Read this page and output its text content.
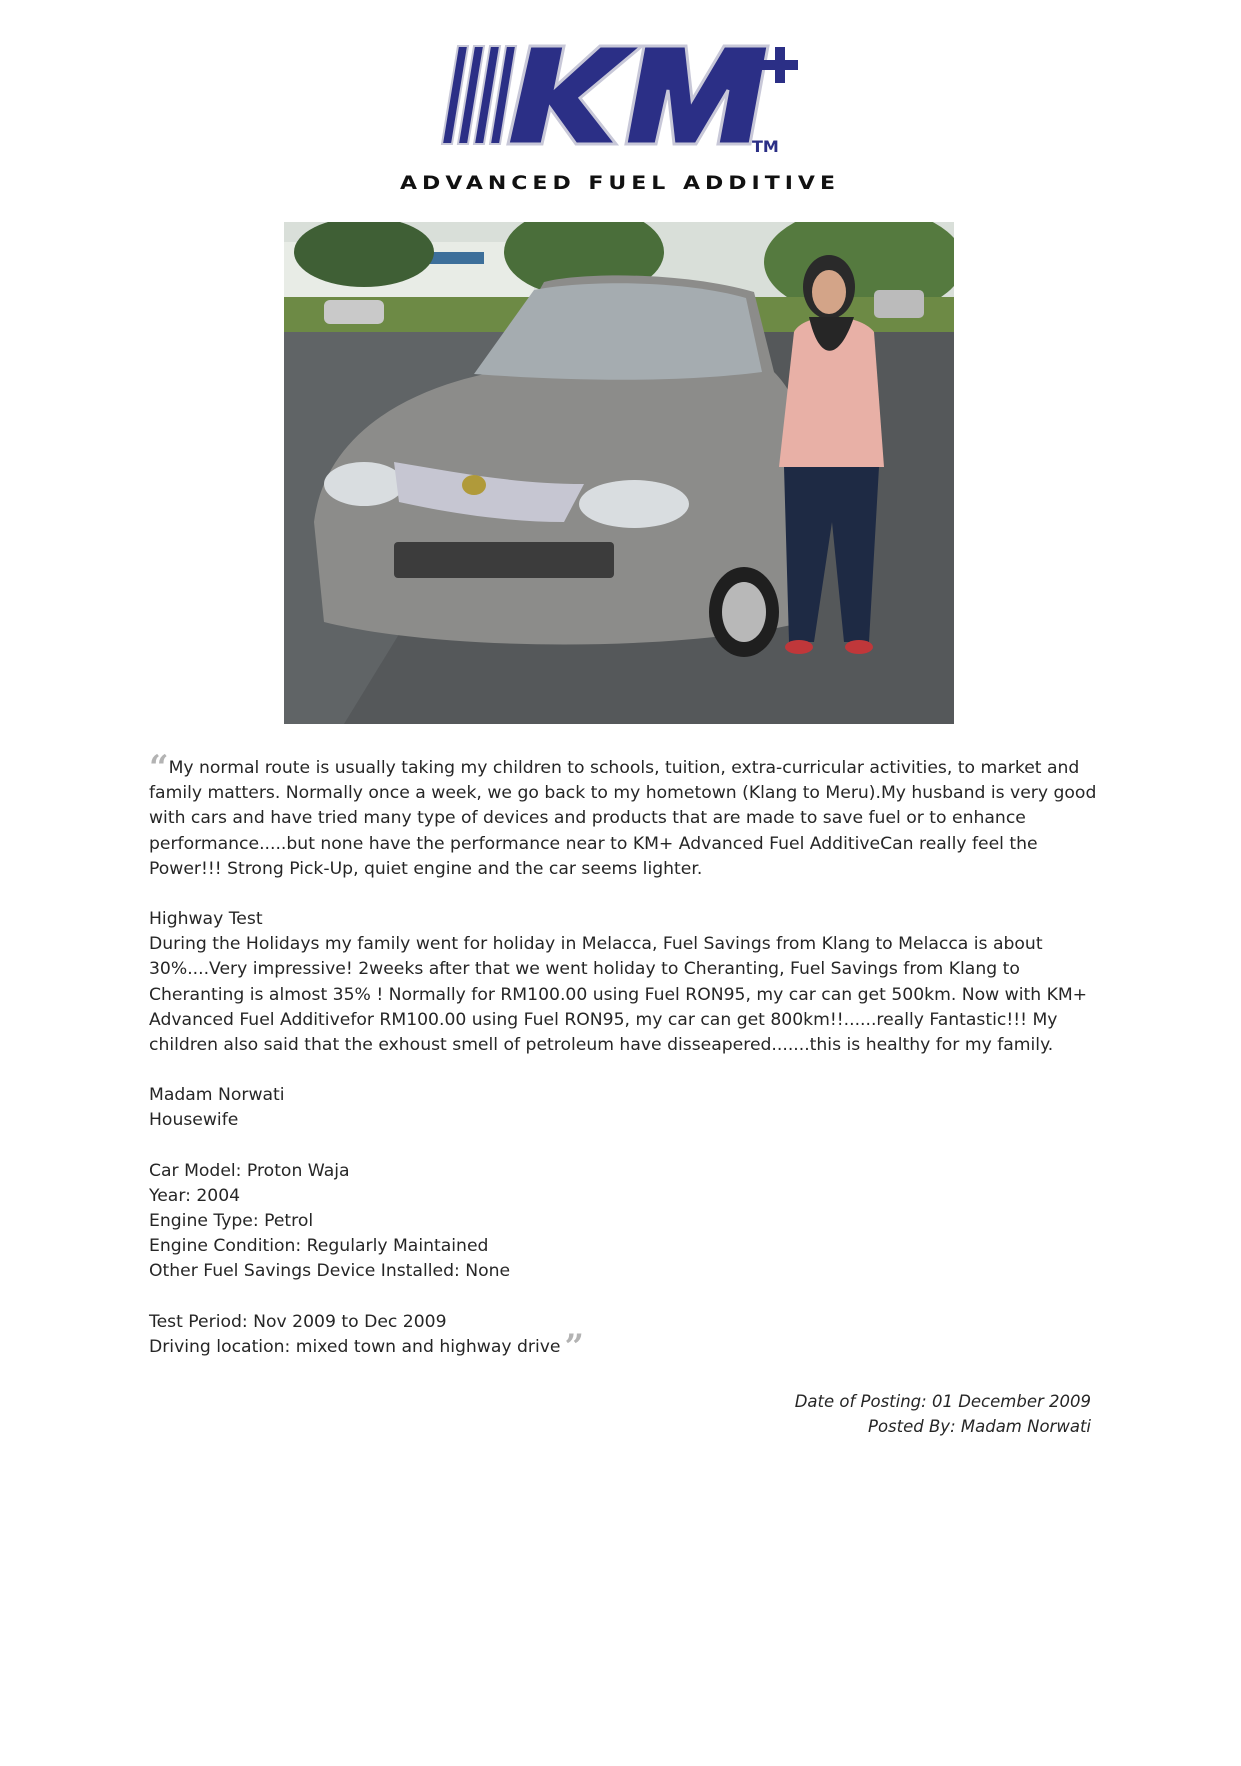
TM
ADVANCED FUEL ADDITIVE

“My normal route is usually taking my children to schools, tuition, extra-curricular activities, to market and family matters. Normally once a week, we go back to my hometown (Klang to Meru).My husband is very good with cars and have tried many type of devices and products that are made to save fuel or to enhance performance.....but none have the performance near to KM+ Advanced Fuel AdditiveCan really feel the Power!!! Strong Pick-Up, quiet engine and the car seems lighter.

Highway Test

During the Holidays my family went for holiday in Melacca, Fuel Savings from Klang to Melacca is about 30%....Very impressive! 2weeks after that we went holiday to Cheranting, Fuel Savings from Klang to Cheranting is almost 35% ! Normally for RM100.00 using Fuel RON95, my car can get 500km. Now with KM+ Advanced Fuel Additivefor RM100.00 using Fuel RON95, my car can get 800km!!......really Fantastic!!! My children also said that the exhoust smell of petroleum have disseapered.......this is healthy for my family.

Madam Norwati

Housewife

Car Model: Proton Waja

Year: 2004

Engine Type: Petrol

Engine Condition: Regularly Maintained

Other Fuel Savings Device Installed: None

Test Period: Nov 2009 to Dec 2009

Driving location: mixed town and highway drive ”

Date of Posting: 01 December 2009
Posted By: Madam Norwati
